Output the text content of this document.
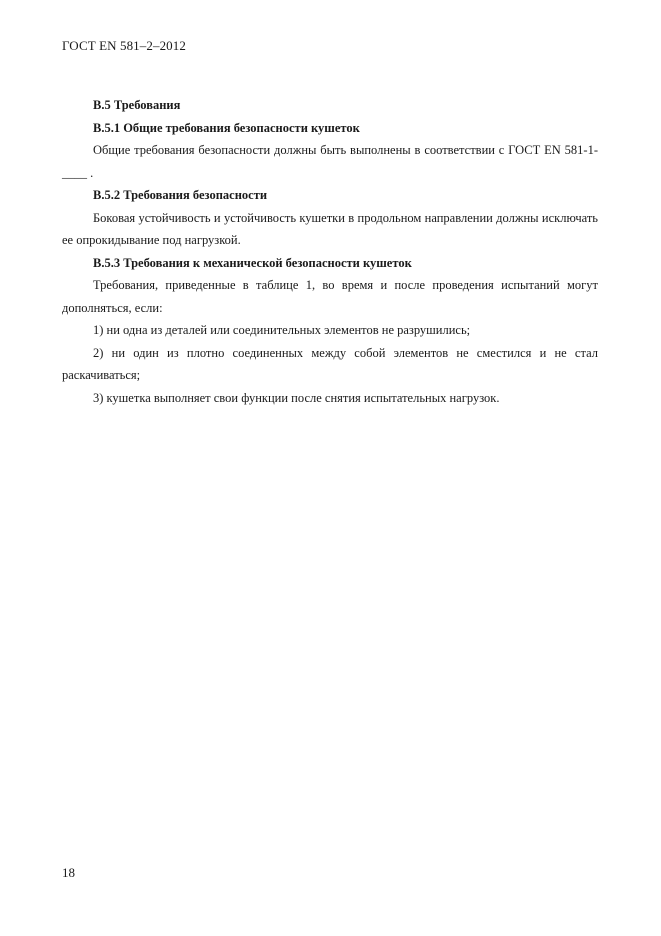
ГОСТ EN 581–2–2012

B.5 Требования

B.5.1 Общие требования безопасности кушеток

Общие требования безопасности должны быть выполнены в соответствии с ГОСТ EN 581-1- ____ .

B.5.2 Требования безопасности

Боковая устойчивость и устойчивость кушетки в продольном направлении должны исключать ее опрокидывание под нагрузкой.

B.5.3 Требования к механической безопасности кушеток

Требования, приведенные в таблице 1, во время и после проведения испытаний могут дополняться, если:

1) ни одна из деталей или соединительных элементов не разрушились;

2) ни один из плотно соединенных между собой элементов не сместился и не стал раскачиваться;

3) кушетка выполняет свои функции после снятия испытательных нагрузок.

18
